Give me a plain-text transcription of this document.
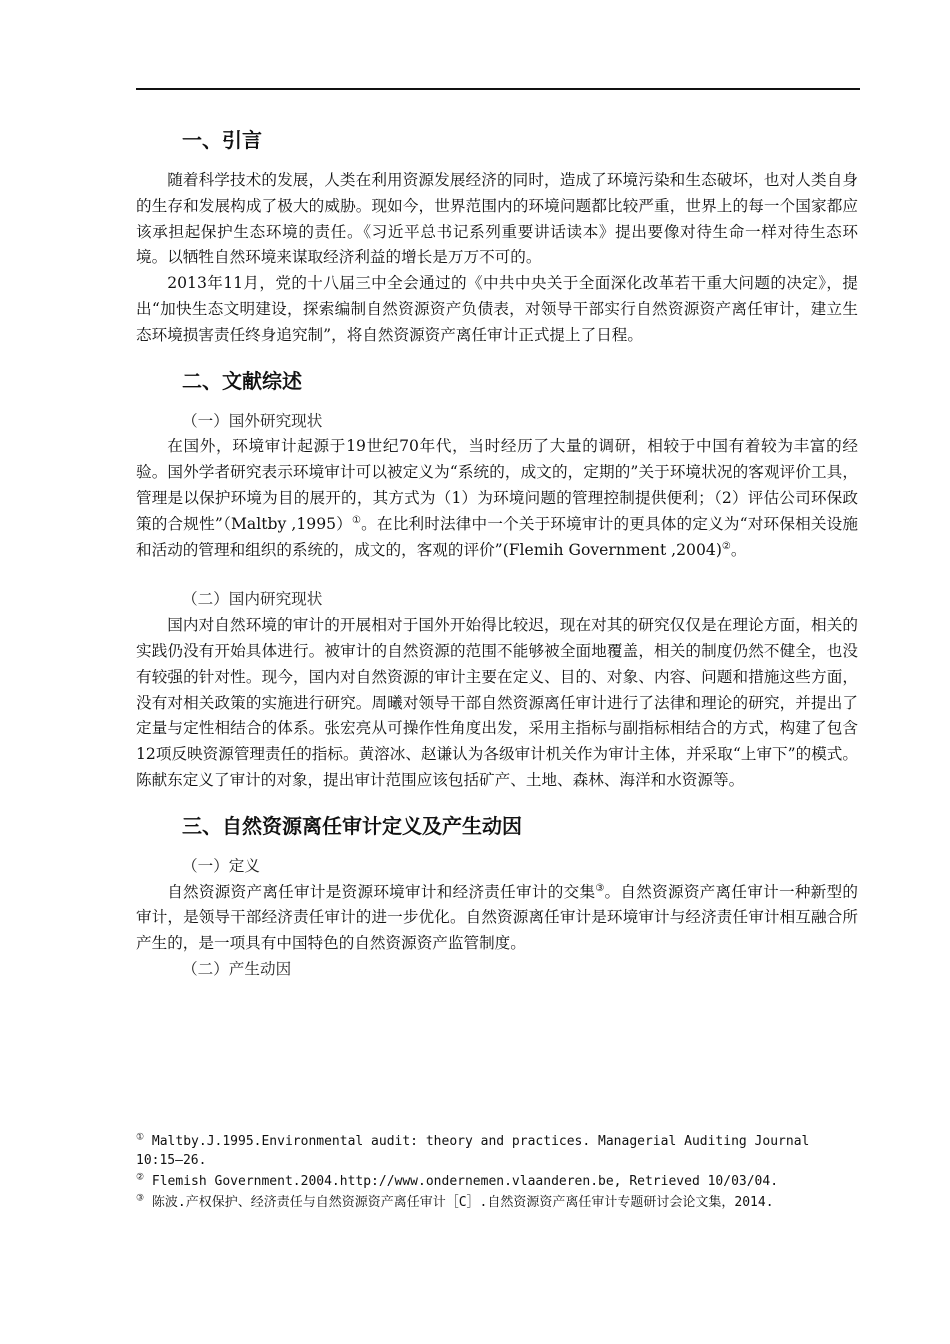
一、引言

随着科学技术的发展，人类在利用资源发展经济的同时，造成了环境污染和生态破坏，也对人类自身的生存和发展构成了极大的威胁。现如今，世界范围内的环境问题都比较严重，世界上的每一个国家都应该承担起保护生态环境的责任。《习近平总书记系列重要讲话读本》提出要像对待生命一样对待生态环境。以牺牲自然环境来谋取经济利益的增长是万万不可的。

2013年11月，党的十八届三中全会通过的《中共中央关于全面深化改革若干重大问题的决定》，提出“加快生态文明建设，探索编制自然资源资产负债表，对领导干部实行自然资源资产离任审计，建立生态环境损害责任终身追究制”，将自然资源资产离任审计正式提上了日程。

二、文献综述

（一）国外研究现状

在国外，环境审计起源于19世纪70年代，当时经历了大量的调研，相较于中国有着较为丰富的经验。国外学者研究表示环境审计可以被定义为“系统的，成文的，定期的”关于环境状况的客观评价工具，管理是以保护环境为目的展开的，其方式为（1）为环境问题的管理控制提供便利；（2）评估公司环保政策的合规性”（Maltby ,1995）①。在比利时法律中一个关于环境审计的更具体的定义为“对环保相关设施和活动的管理和组织的系统的，成文的，客观的评价”(Flemih Government ,2004)②。

（二）国内研究现状

国内对自然环境的审计的开展相对于国外开始得比较迟，现在对其的研究仅仅是在理论方面，相关的实践仍没有开始具体进行。被审计的自然资源的范围不能够被全面地覆盖，相关的制度仍然不健全，也没有较强的针对性。现今，国内对自然资源的审计主要在定义、目的、对象、内容、问题和措施这些方面，没有对相关政策的实施进行研究。周曦对领导干部自然资源离任审计进行了法律和理论的研究，并提出了定量与定性相结合的体系。张宏亮从可操作性角度出发，采用主指标与副指标相结合的方式，构建了包含12项反映资源管理责任的指标。黄溶冰、赵谦认为各级审计机关作为审计主体，并采取“上审下”的模式。陈献东定义了审计的对象，提出审计范围应该包括矿产、土地、森林、海洋和水资源等。

三、自然资源离任审计定义及产生动因

（一）定义

自然资源资产离任审计是资源环境审计和经济责任审计的交集③。自然资源资产离任审计一种新型的审计，是领导干部经济责任审计的进一步优化。自然资源离任审计是环境审计与经济责任审计相互融合所产生的，是一项具有中国特色的自然资源资产监管制度。

（二）产生动因

① Maltby.J.1995.Environmental audit: theory and practices. Managerial Auditing Journal 10:15–26.

② Flemish Government.2004.http://www.ondernemen.vlaanderen.be, Retrieved 10/03/04.

③ 陈波.产权保护、经济责任与自然资源资产离任审计［C］.自然资源资产离任审计专题研讨会论文集，2014.
